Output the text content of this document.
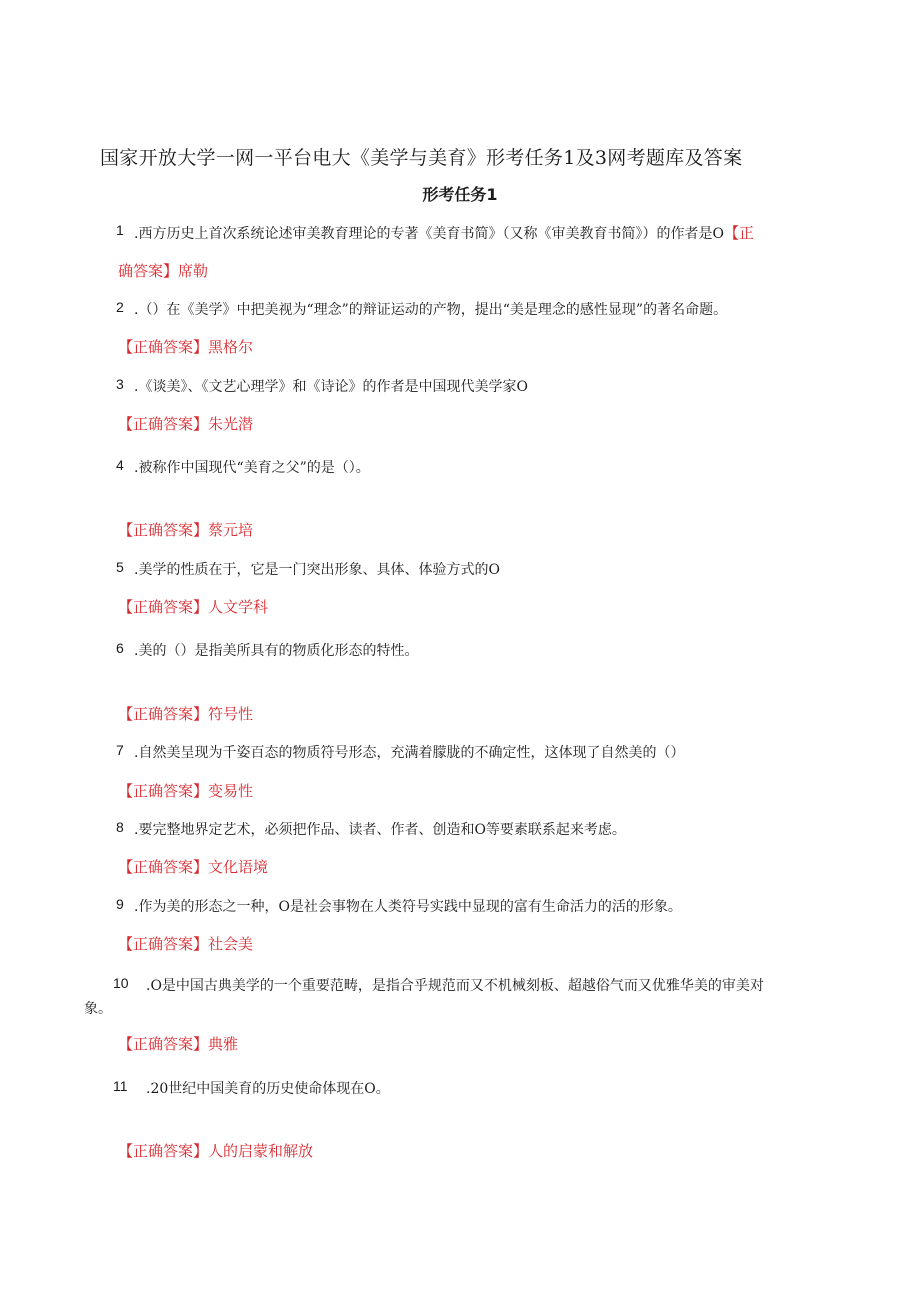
国家开放大学一网一平台电大《美学与美育》形考任务1及3网考题库及答案
形考任务1
1 .西方历史上首次系统论述审美教育理论的专著《美育书简》（又称《审美教育书简》）的作者是O【正
确答案】席勒
2 .（）在《美学》中把美视为“理念”的辩证运动的产物，提出“美是理念的感性显现”的著名命题。
【正确答案】黑格尔
3 .《谈美》、《文艺心理学》和《诗论》的作者是中国现代美学家O
【正确答案】朱光潜
4 .被称作中国现代“美育之父”的是（）。
【正确答案】蔡元培
5 .美学的性质在于，它是一门突出形象、具体、体验方式的O
【正确答案】人文学科
6 .美的（）是指美所具有的物质化形态的特性。
【正确答案】符号性
7 .自然美呈现为千姿百态的物质符号形态，充满着朦胧的不确定性，这体现了自然美的（）
【正确答案】变易性
8 .要完整地界定艺术，必须把作品、读者、作者、创造和O等要素联系起来考虑。
【正确答案】文化语境
9 .作为美的形态之一种，O是社会事物在人类符号实践中显现的富有生命活力的活的形象。
【正确答案】社会美
10 .O是中国古典美学的一个重要范畴，是指合乎规范而又不机械刻板、超越俗气而又优雅华美的审美对
象。
【正确答案】典雅
11 .20世纪中国美育的历史使命体现在O。
【正确答案】人的启蒙和解放
